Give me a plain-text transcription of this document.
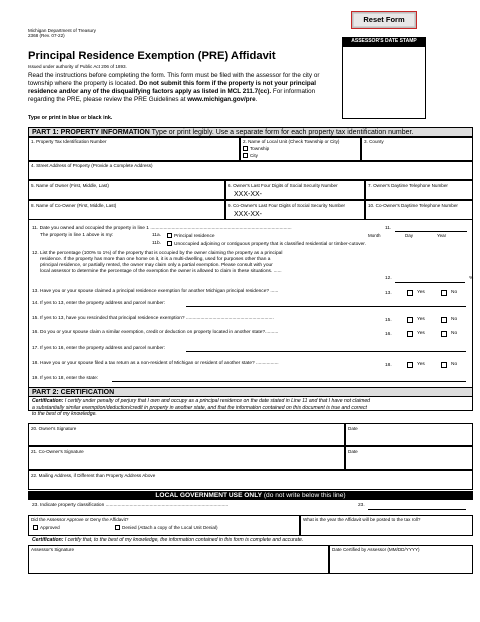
Michigan Department of Treasury
2368 (Rev. 07-22)
Reset Form
ASSESSOR'S DATE STAMP
Principal Residence Exemption (PRE) Affidavit
Issued under authority of Public Act 206 of 1893.
Read the instructions before completing the form. This form must be filed with the assessor for the city or
township where the property is located. Do not submit this form if the property is not your principal
residence and/or any of the disqualifying factors apply as listed in MCL 211.7(cc). For information
regarding the PRE, please review the PRE Guidelines at www.michigan.gov/pre.
Type or print in blue or black ink.
PART 1: PROPERTY INFORMATION Type or print legibly. Use a separate form for each property tax identification number.
1. Property Tax Identification Number	2. Name of Local Unit (Check Township or City)
Township
City
3. County
4. Street Address of Property (Provide a Complete Address)
5. Name of Owner (First, Middle, Last)	6. Owner's Last Four Digits of Social Security Number
XXX-XX-
7. Owner's Daytime Telephone Number
8. Name of Co-Owner (First, Middle, Last)	9. Co-Owner's Last Four Digits of Social Security Number
XXX-XX-
10. Co-Owner's Daytime Telephone Number
11. Date you owned and occupied the property in line 1 ..........................................................................................................	11.
The property in line 1 above is my:	11a.	Principal residence	Month	Day	Year
11b.	Unoccupied adjoining or contiguous property that is classified residential or timber-cutover.
12. List the percentage (100% to 1%) of the property that is occupied by the owner claiming the property as a principal
residence. If the property has more than one home on it, it is a multi-dwelling, used for purposes other than a
principal residence, or partially rented, the owner may claim only a partial exemption. Please consult with your
local assessor to determine the percentage of the exemption the owner is allowed to claim in these situations. ......
12.	%
13. Have you or your spouse claimed a principal residence exemption for another Michigan principal residence? ......	13.	Yes	No
14. If yes to 13, enter the property address and parcel number:
15. If yes to 13, have you rescinded that principal residence exemption? ..................................................................	15.	Yes	No
16. Do you or your spouse claim a similar exemption, credit or deduction on property located in another state?..........	16.	Yes	No
17. If yes to 16, enter the property address and parcel number:
18. Have you or your spouse filed a tax return as a non-resident of Michigan or resident of another state? .................	18.	Yes	No
19. If yes to 18, enter the state:
PART 2: CERTIFICATION
Certification: I certify under penalty of perjury that I own and occupy as a principal residence on the date stated in Line 11 and that I have not claimed
a substantially similar exemption/deduction/credit in property in another state, and that the information contained on this document is true and correct
to the best of my knowledge.
20. Owner's Signature	Date
21. Co-Owner's Signature	Date
22. Mailing Address, if Different than Property Address Above
LOCAL GOVERNMENT USE ONLY (do not write below this line)
23. Indicate property classification ............................................................................................	23.
Did the Assessor Approve or Deny the Affidavit?
Approved	Denied (Attach a copy of the Local Unit Denial)
What is the year the Affidavit will be posted to the tax roll?
Certification: I certify that, to the best of my knowledge, the information contained in this form is complete and accurate.
Assessor's Signature	Date Certified by Assessor (MM/DD/YYYY)
